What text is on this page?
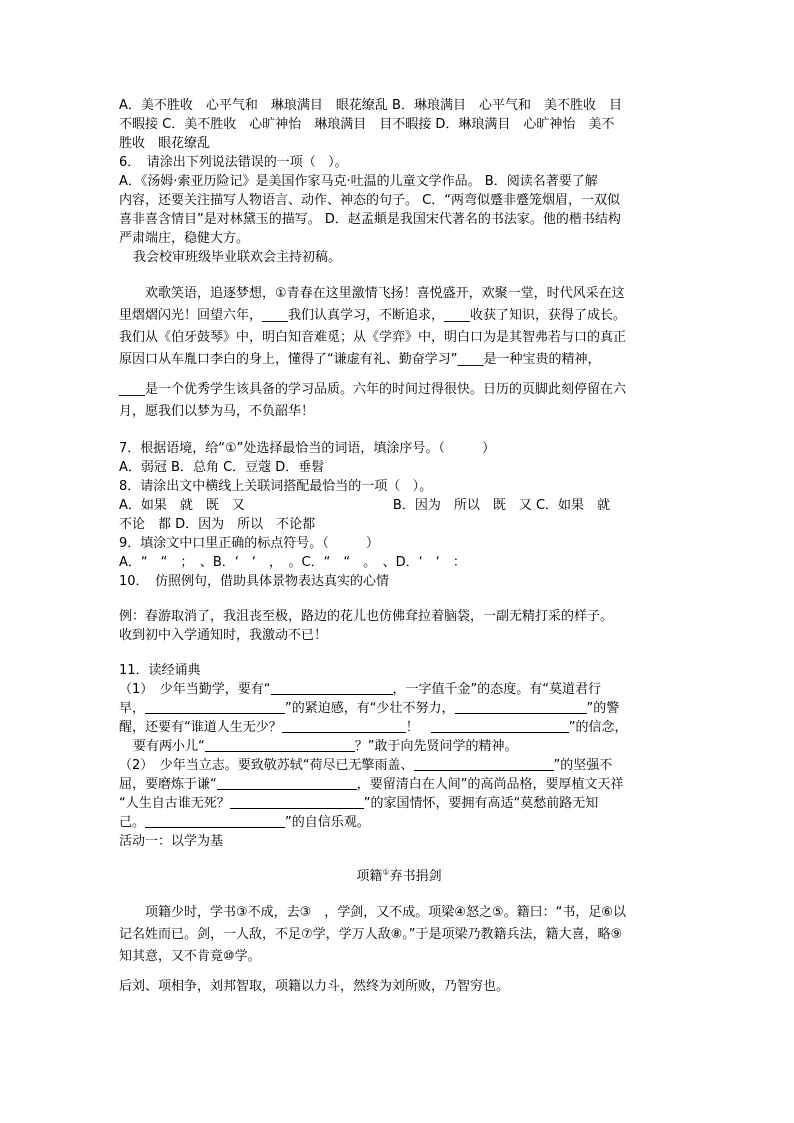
A．美不胜收　心平气和　琳琅满目　眼花缭乱 B．琳琅满目　心平气和　美不胜收　目
不暇接 C．美不胜收　心旷神怡　琳琅满目　目不暇接 D．琳琅满目　心旷神怡　美不
胜收　眼花缭乱
6．　请涂出下列说法错误的一项（   ）。
A．《汤姆·索亚历险记》是美国作家马克·吐温的儿童文学作品。 B．阅读名著要了解
内容，还要关注描写人物语言、动作、神态的句子。 C．“两弯似蹙非蹙笼烟眉，一双似
喜非喜含情目”是对林黛玉的描写。 D．赵孟頫是我国宋代著名的书法家。他的楷书结构
严肃端庄，稳健大方。
我会校审班级毕业联欢会主持初稿。
欢歌笑语，追逐梦想，①青春在这里激情飞扬！喜悦盛开，欢聚一堂，时代风采在这
里熠熠闪光！回望六年，____我们认真学习，不断追求，____收获了知识，获得了成长。
我们从《伯牙鼓琴》中，明白知音难觅；从《学弈》中，明白口为是其智弗若与口的真正
原因口从车胤口李白的身上，懂得了“谦虚有礼、勤奋学习”____是一种宝贵的精神，
____是一个优秀学生该具备的学习品质。六年的时间过得很快。日历的页脚此刻停留在六
月，愿我们以梦为马，不负韶华！
7．根据语境，给“①”处选择最恰当的词语，填涂序号。（         ）
A．弱冠 B．总角 C．豆蔻 D．垂髫
8．请涂出文中横线上关联词搭配最恰当的一项（   ）。
A．如果　就　既　又	B．因为　所以　既　又 C．如果　就
不论　都 D．因为　所以　不论都
9．填涂文中口里正确的标点符号。（         ）
A．“　“　；　、B．‘　‘　，　。C．“　“　。　、D．‘　‘　：
10．　仿照例句，借助具体景物表达真实的心情
例：春游取消了，我沮丧至极，路边的花儿也仿佛耷拉着脑袋，一副无精打采的样子。
收到初中入学通知时，我激动不已！
11．读经诵典
（1）　少年当勤学，要有“	，一字值千金”的态度。有“莫道君行
早，	”的紧迫感，有“少壮不努力，	”的警
醒，还要有“谁道人生无少？	！	”的信念，
要有两小儿“	？”敢于向先贤问学的精神。
（2）　少年当立志。要致敬苏轼“荷尽已无擎雨盖、	”的坚强不
屈，要磨炼于谦“	，要留清白在人间”的高尚品格，要厚植文天祥
“人生自古谁无死？	”的家国情怀，要拥有高适“莫愁前路无知
己。	”的自信乐观。
活动一：以学为基
项籍①弃书捐剑
项籍少时，学书③不成，去③　，学剑，又不成。项梁④怒之⑤。籍曰：“书，足⑥以
记名姓而已。剑，一人敌，不足⑦学，学万人敌⑧。”于是项梁乃教籍兵法，籍大喜，略⑨
知其意，又不肯竟⑩学。
后刘、项相争，刘邦智取，项籍以力斗，然终为刘所败，乃智穷也。
